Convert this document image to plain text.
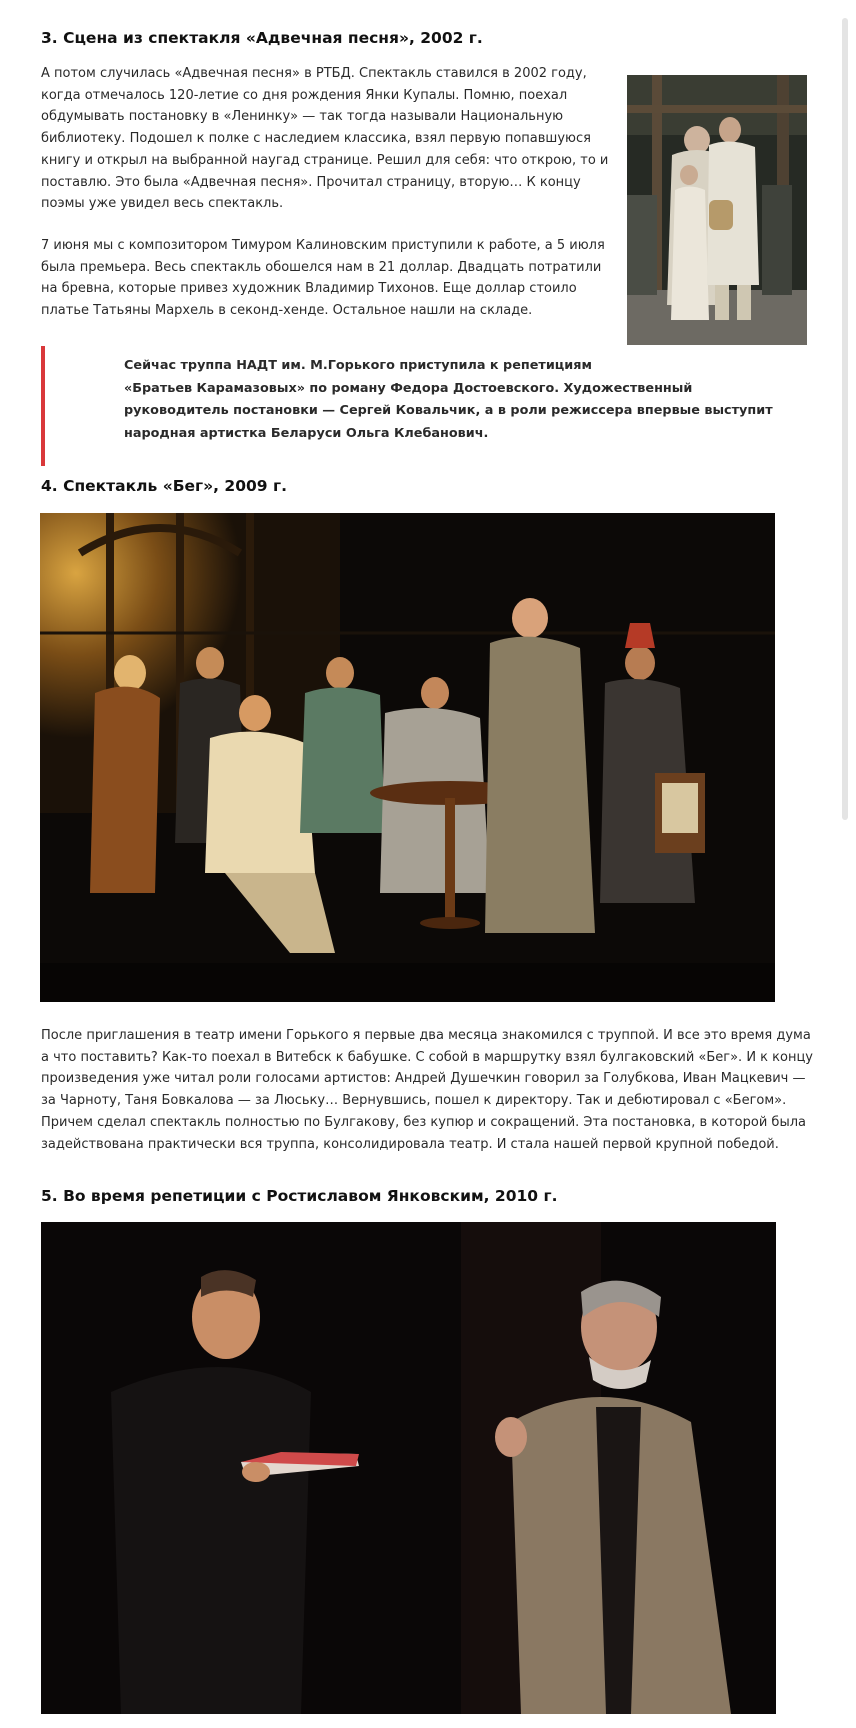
3. Сцена из спектакля «Адвечная песня», 2002 г.

А потом случилась «Адвечная песня» в РТБД. Спектакль ставился в 2002 году,
когда отмечалось 120-летие со дня рождения Янки Купалы. Помню, поехал
обдумывать постановку в «Ленинку» — так тогда называли Национальную
библиотеку. Подошел к полке с наследием классика, взял первую попавшуюся
книгу и открыл на выбранной наугад странице. Решил для себя: что открою, то и
поставлю. Это была «Адвечная песня». Прочитал страницу, вторую… К концу
поэмы уже увидел весь спектакль.

7 июня мы с композитором Тимуром Калиновским приступили к работе, а 5 июля
была премьера. Весь спектакль обошелся нам в 21 доллар. Двадцать потратили
на бревна, которые привез художник Владимир Тихонов. Еще доллар стоило
платье Татьяны Мархель в секонд-хенде. Остальное нашли на складе.

Сейчас труппа НАДТ им. М.Горького приступила к репетициям
«Братьев Карамазовых» по роману Федора Достоевского. Художественный
руководитель постановки — Сергей Ковальчик, а в роли режиссера впервые выступит
народная артистка Беларуси Ольга Клебанович.

4. Спектакль «Бег», 2009 г.

После приглашения в театр имени Горького я первые два месяца знакомился с труппой. И все это время дума
а что поставить? Как-то поехал в Витебск к бабушке. С собой в маршрутку взял булгаковский «Бег». И к концу
произведения уже читал роли голосами артистов: Андрей Душечкин говорил за Голубкова, Иван Мацкевич —
за Чарноту, Таня Бовкалова — за Люську… Вернувшись, пошел к директору. Так и дебютировал с «Бегом».
Причем сделал спектакль полностью по Булгакову, без купюр и сокращений. Эта постановка, в которой была
задействована практически вся труппа, консолидировала театр. И стала нашей первой крупной победой.

5. Во время репетиции с Ростиславом Янковским, 2010 г.
